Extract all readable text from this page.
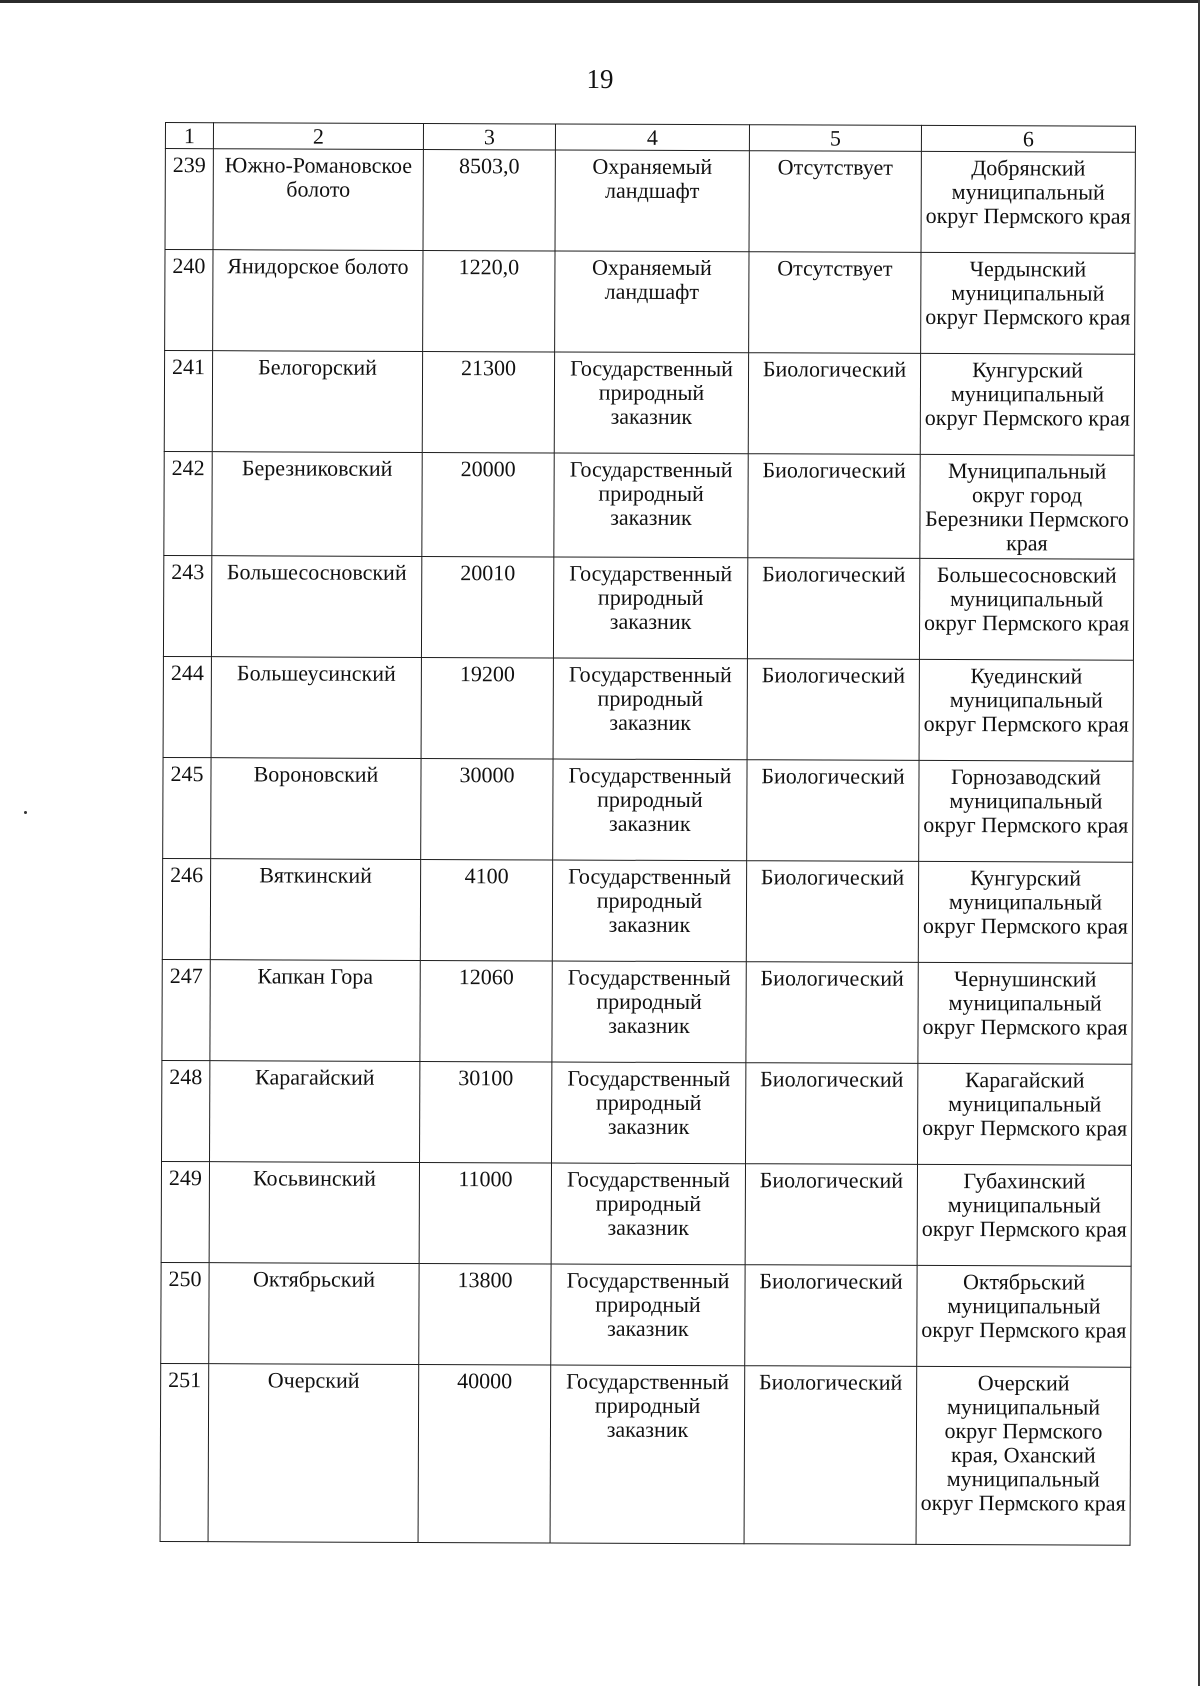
19
1	2	3	4	5	6
239	Южно-Романовское болото	8503,0	Охраняемый ландшафт	Отсутствует	Добрянский муниципальный округ Пермского края
240	Янидорское болото	1220,0	Охраняемый ландшафт	Отсутствует	Чердынский муниципальный округ Пермского края
241	Белогорский	21300	Государственный природный заказник	Биологический	Кунгурский муниципальный округ Пермского края
242	Березниковский	20000	Государственный природный заказник	Биологический	Муниципальный округ город Березники Пермского края
243	Большесосновский	20010	Государственный природный заказник	Биологический	Большесосновский муниципальный округ Пермского края
244	Большеусинский	19200	Государственный природный заказник	Биологический	Куединский муниципальный округ Пермского края
245	Вороновский	30000	Государственный природный заказник	Биологический	Горнозаводский муниципальный округ Пермского края
246	Вяткинский	4100	Государственный природный заказник	Биологический	Кунгурский муниципальный округ Пермского края
247	Капкан Гора	12060	Государственный природный заказник	Биологический	Чернушинский муниципальный округ Пермского края
248	Карагайский	30100	Государственный природный заказник	Биологический	Карагайский муниципальный округ Пермского края
249	Косьвинский	11000	Государственный природный заказник	Биологический	Губахинский муниципальный округ Пермского края
250	Октябрьский	13800	Государственный природный заказник	Биологический	Октябрьский муниципальный округ Пермского края
251	Очерский	40000	Государственный природный заказник	Биологический	Очерский муниципальный округ Пермского края, Оханский муниципальный округ Пермского края
